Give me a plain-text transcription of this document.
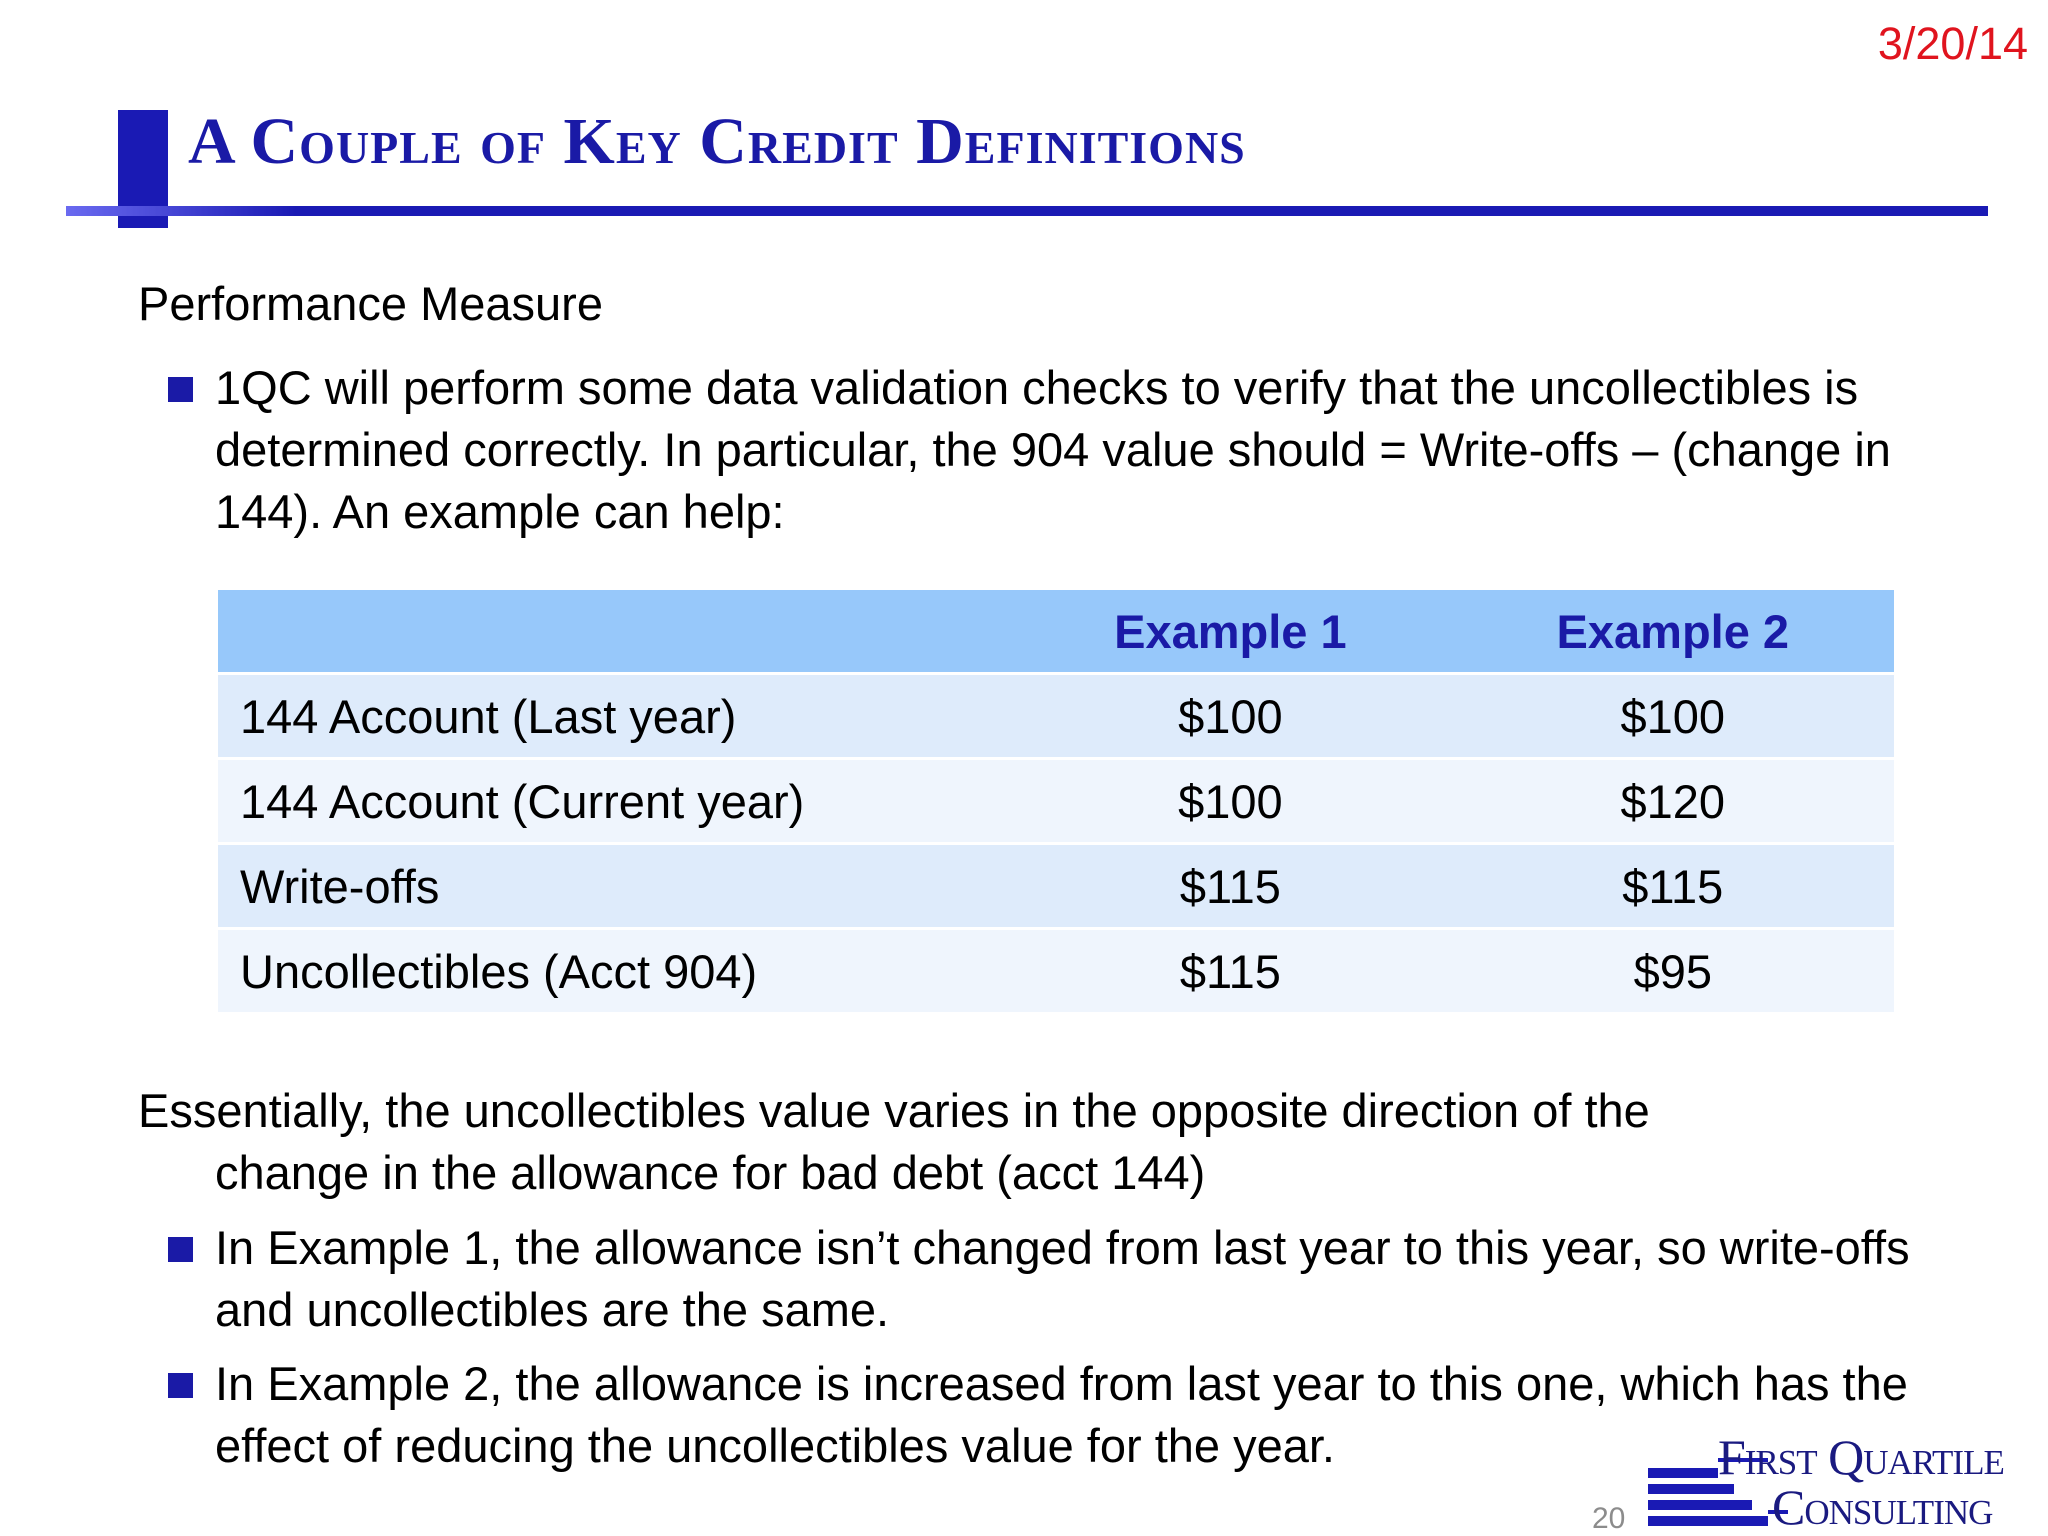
3/20/14
A Couple of Key Credit Definitions
Performance Measure
1QC will perform some data validation checks to verify that the uncollectibles is determined correctly. In particular, the 904 value should = Write-offs – (change in 144). An example can help:
	Example 1	Example 2
144 Account (Last year)	$100	$100
144 Account (Current year)	$100	$120
Write-offs	$115	$115
Uncollectibles (Acct 904)	$115	$95
Essentially, the uncollectibles value varies in the opposite direction of the
change in the allowance for bad debt (acct 144)
In Example 1, the allowance isn’t changed from last year to this year, so write-offs and uncollectibles are the same.
In Example 2, the allowance is increased from last year to this one, which has the effect of reducing the uncollectibles value for the year.
20
First Quartile
Consulting
